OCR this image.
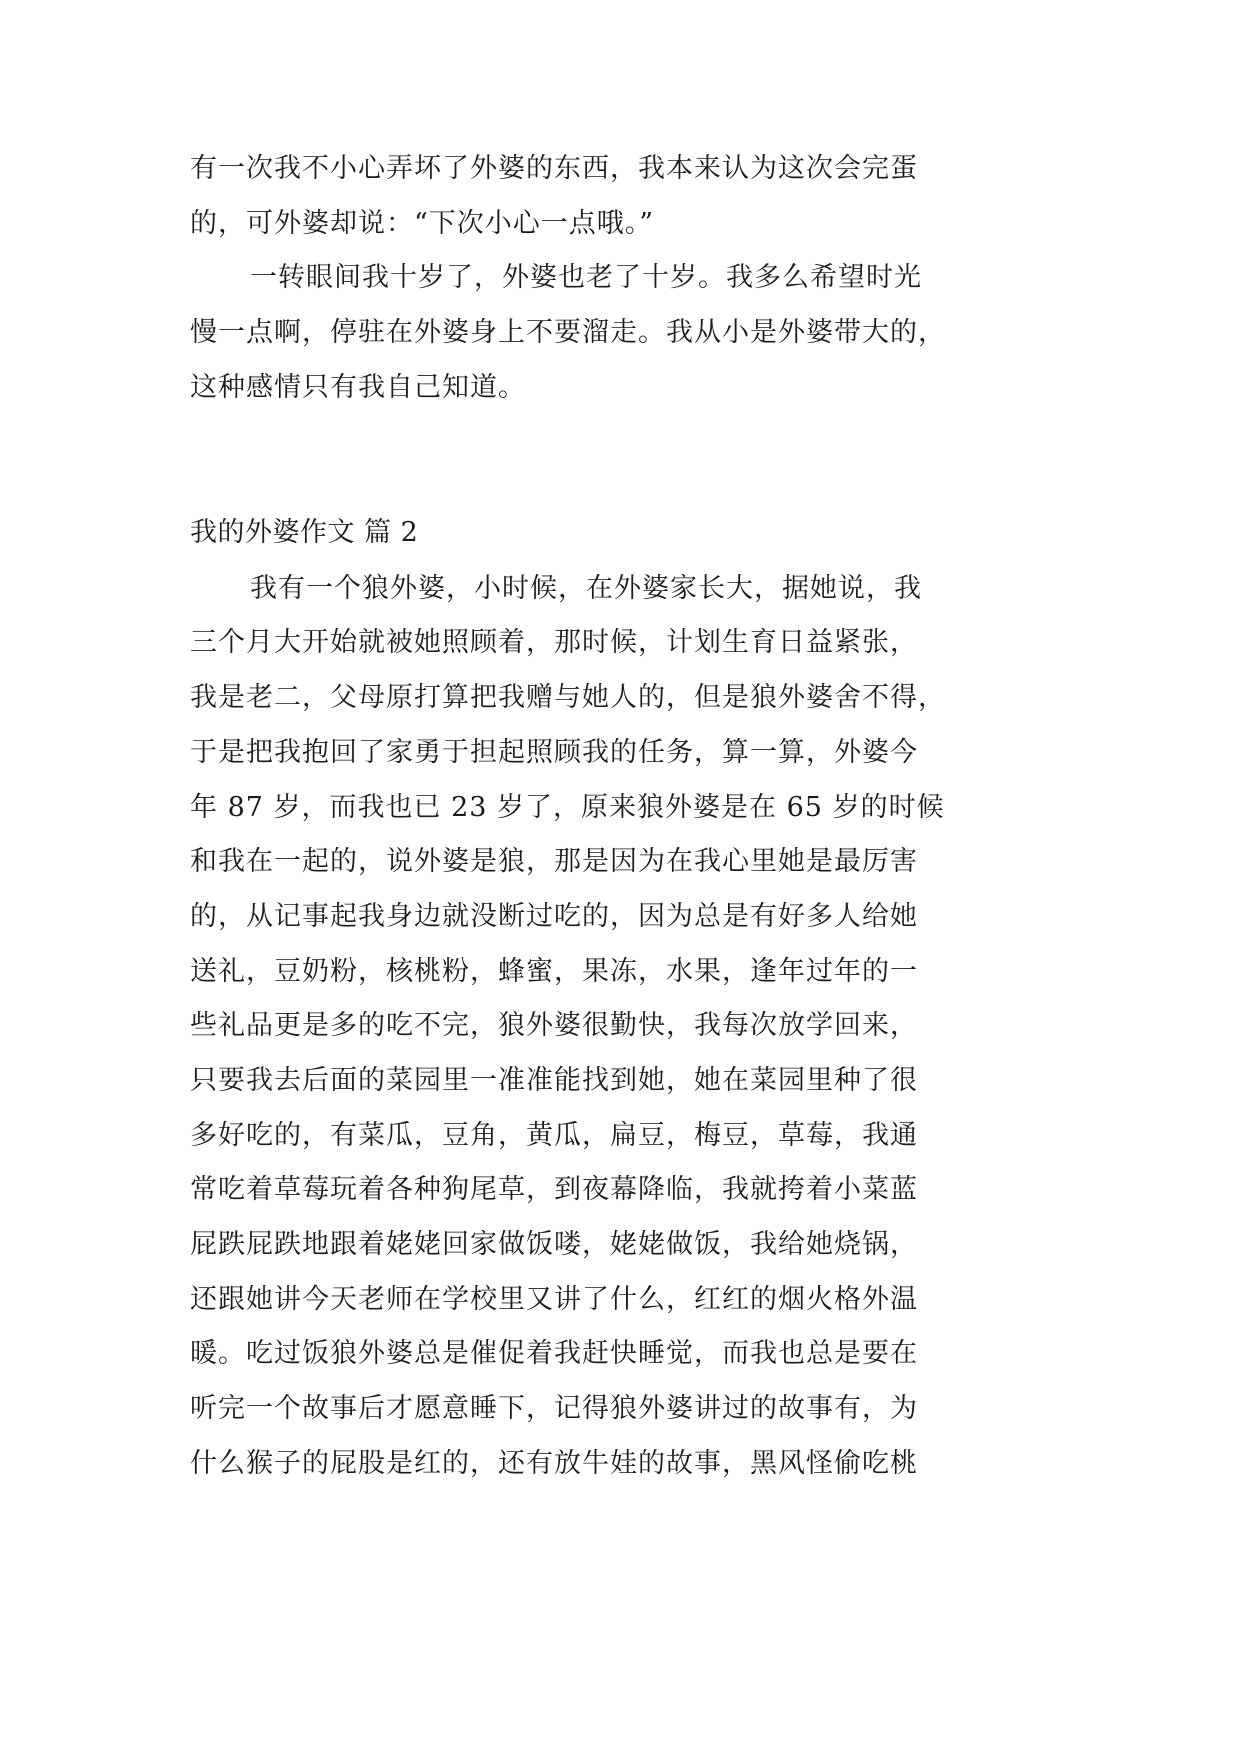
有一次我不小心弄坏了外婆的东西，我本来认为这次会完蛋
的，可外婆却说：“下次小心一点哦。”
一转眼间我十岁了，外婆也老了十岁。我多么希望时光
慢一点啊，停驻在外婆身上不要溜走。我从小是外婆带大的，
这种感情只有我自己知道。
我的外婆作文 篇 2
我有一个狼外婆，小时候，在外婆家长大，据她说，我
三个月大开始就被她照顾着，那时候，计划生育日益紧张，
我是老二，父母原打算把我赠与她人的，但是狼外婆舍不得，
于是把我抱回了家勇于担起照顾我的任务，算一算，外婆今
年 87 岁，而我也已 23 岁了，原来狼外婆是在 65 岁的时候
和我在一起的，说外婆是狼，那是因为在我心里她是最厉害
的，从记事起我身边就没断过吃的，因为总是有好多人给她
送礼，豆奶粉，核桃粉，蜂蜜，果冻，水果，逢年过年的一
些礼品更是多的吃不完，狼外婆很勤快，我每次放学回来，
只要我去后面的菜园里一准准能找到她，她在菜园里种了很
多好吃的，有菜瓜，豆角，黄瓜，扁豆，梅豆，草莓，我通
常吃着草莓玩着各种狗尾草，到夜幕降临，我就挎着小菜蓝
屁跌屁跌地跟着姥姥回家做饭喽，姥姥做饭，我给她烧锅，
还跟她讲今天老师在学校里又讲了什么，红红的烟火格外温
暖。吃过饭狼外婆总是催促着我赶快睡觉，而我也总是要在
听完一个故事后才愿意睡下，记得狼外婆讲过的故事有，为
什么猴子的屁股是红的，还有放牛娃的故事，黑风怪偷吃桃
